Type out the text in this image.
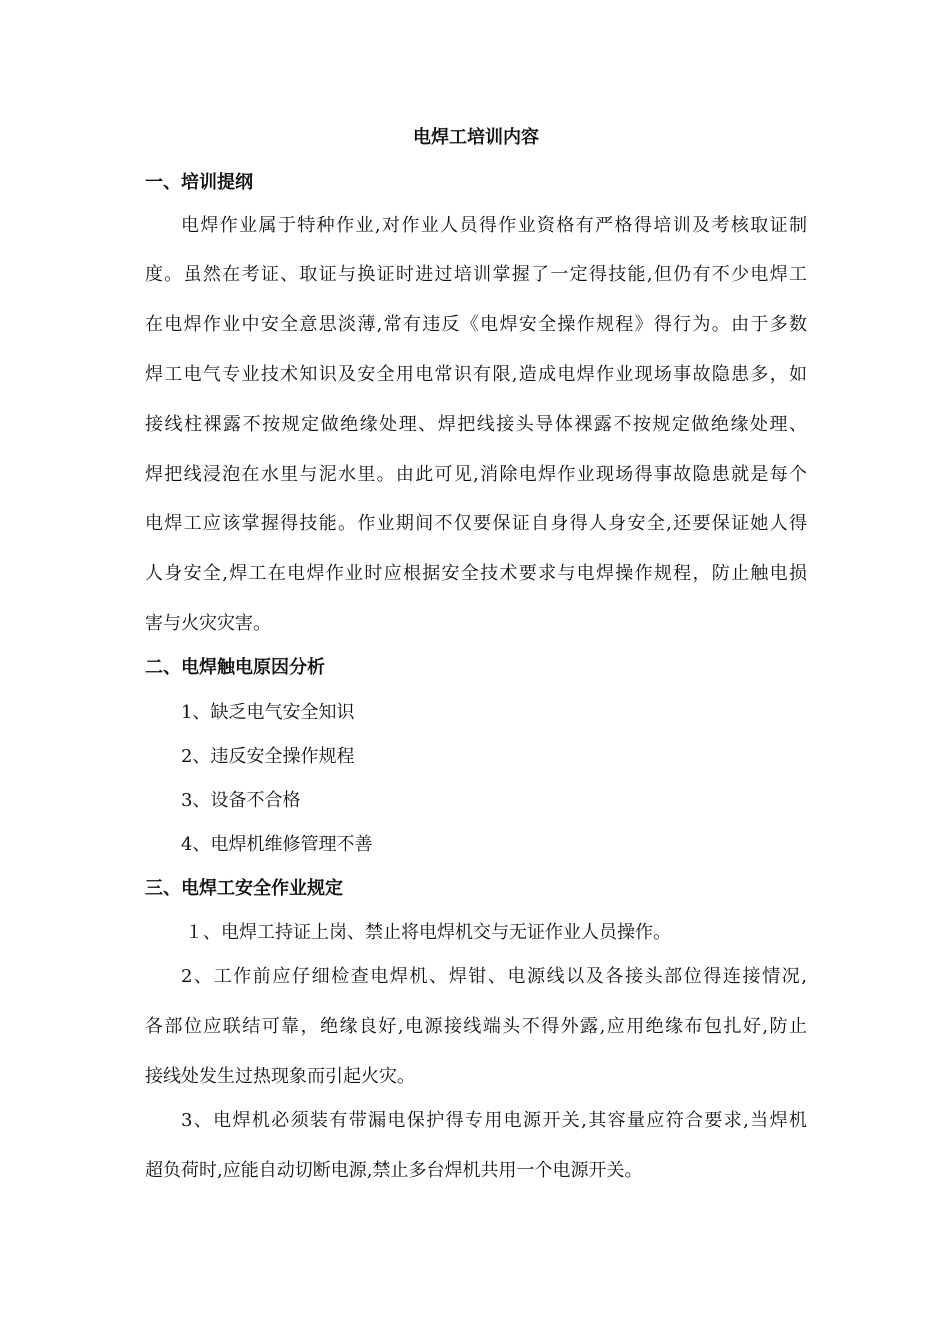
电焊工培训内容
一、培训提纲
电焊作业属于特种作业,对作业人员得作业资格有严格得培训及考核取证制
度。虽然在考证、取证与换证时进过培训掌握了一定得技能,但仍有不少电焊工
在电焊作业中安全意思淡薄,常有违反《电焊安全操作规程》得行为。由于多数
焊工电气专业技术知识及安全用电常识有限,造成电焊作业现场事故隐患多，如
接线柱裸露不按规定做绝缘处理、焊把线接头导体裸露不按规定做绝缘处理、
焊把线浸泡在水里与泥水里。由此可见,消除电焊作业现场得事故隐患就是每个
电焊工应该掌握得技能。作业期间不仅要保证自身得人身安全,还要保证她人得
人身安全,焊工在电焊作业时应根据安全技术要求与电焊操作规程，防止触电损
害与火灾灾害。
二、电焊触电原因分析
1、缺乏电气安全知识
2、违反安全操作规程
3、设备不合格
4、电焊机维修管理不善
三、电焊工安全作业规定
１、电焊工持证上岗、禁止将电焊机交与无证作业人员操作。
2、工作前应仔细检查电焊机、焊钳、电源线以及各接头部位得连接情况,
各部位应联结可靠，绝缘良好,电源接线端头不得外露,应用绝缘布包扎好,防止
接线处发生过热现象而引起火灾。
3、电焊机必须装有带漏电保护得专用电源开关,其容量应符合要求,当焊机
超负荷时,应能自动切断电源,禁止多台焊机共用一个电源开关。
